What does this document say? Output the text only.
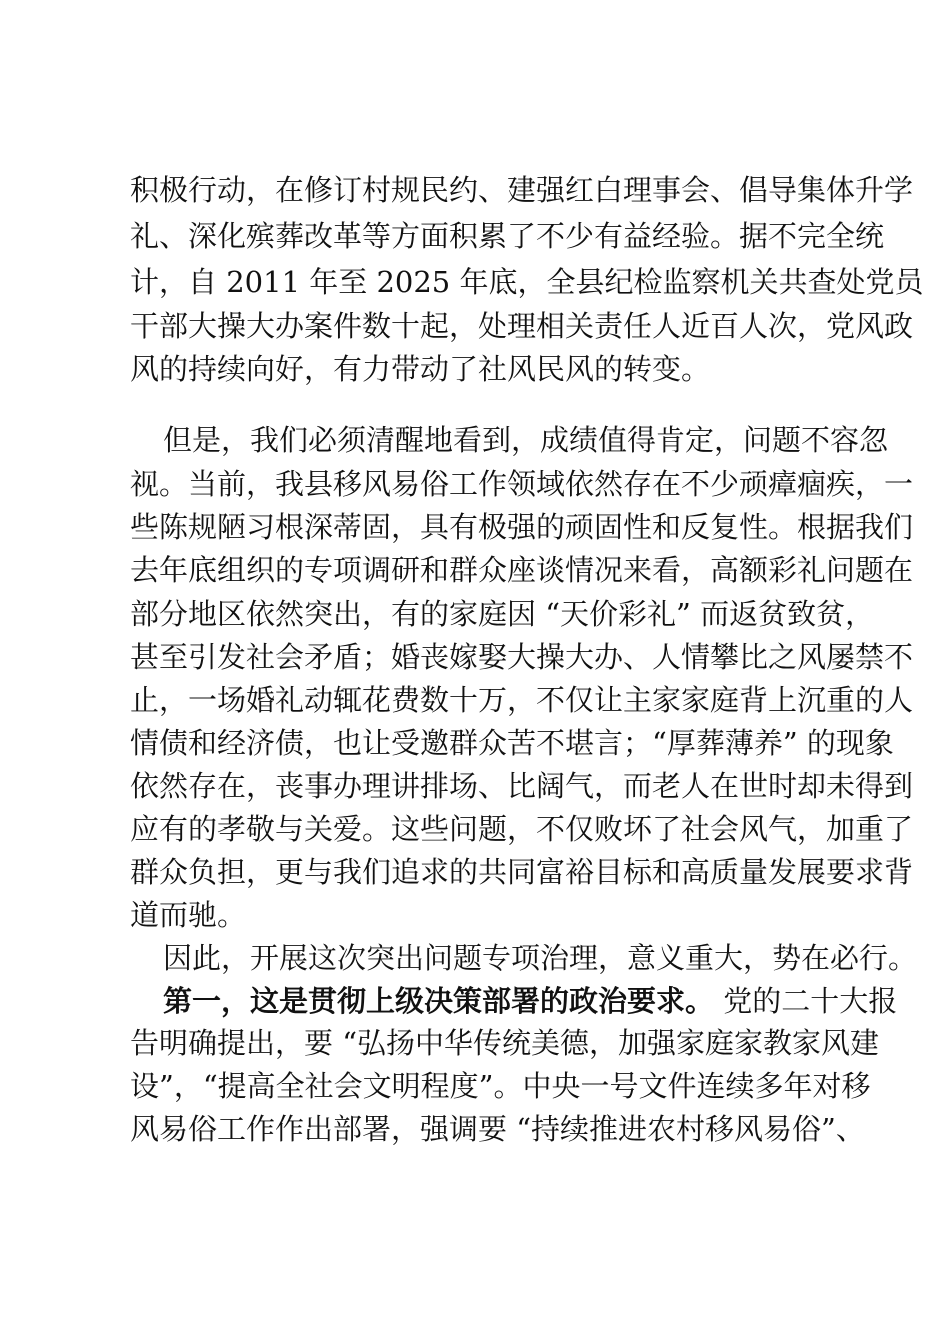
积极行动，在修订村规民约、建强红白理事会、倡导集体升学
礼、深化殡葬改革等方面积累了不少有益经验。据不完全统
计，自 2011 年至 2025 年底，全县纪检监察机关共查处党员
干部大操大办案件数十起，处理相关责任人近百人次，党风政
风的持续向好，有力带动了社风民风的转变。
但是，我们必须清醒地看到，成绩值得肯定，问题不容忽
视。当前，我县移风易俗工作领域依然存在不少顽瘴痼疾，一
些陈规陋习根深蒂固，具有极强的顽固性和反复性。根据我们
去年底组织的专项调研和群众座谈情况来看，高额彩礼问题在
部分地区依然突出，有的家庭因 “天价彩礼” 而返贫致贫，
甚至引发社会矛盾；婚丧嫁娶大操大办、人情攀比之风屡禁不
止，一场婚礼动辄花费数十万，不仅让主家家庭背上沉重的人
情债和经济债，也让受邀群众苦不堪言；“厚葬薄养” 的现象
依然存在，丧事办理讲排场、比阔气，而老人在世时却未得到
应有的孝敬与关爱。这些问题，不仅败坏了社会风气，加重了
群众负担，更与我们追求的共同富裕目标和高质量发展要求背
道而驰。
因此，开展这次突出问题专项治理，意义重大，势在必行。
第一，这是贯彻上级决策部署的政治要求。 党的二十大报
告明确提出，要 “弘扬中华传统美德，加强家庭家教家风建
设”，“提高全社会文明程度”。中央一号文件连续多年对移
风易俗工作作出部署，强调要 “持续推进农村移风易俗”、
